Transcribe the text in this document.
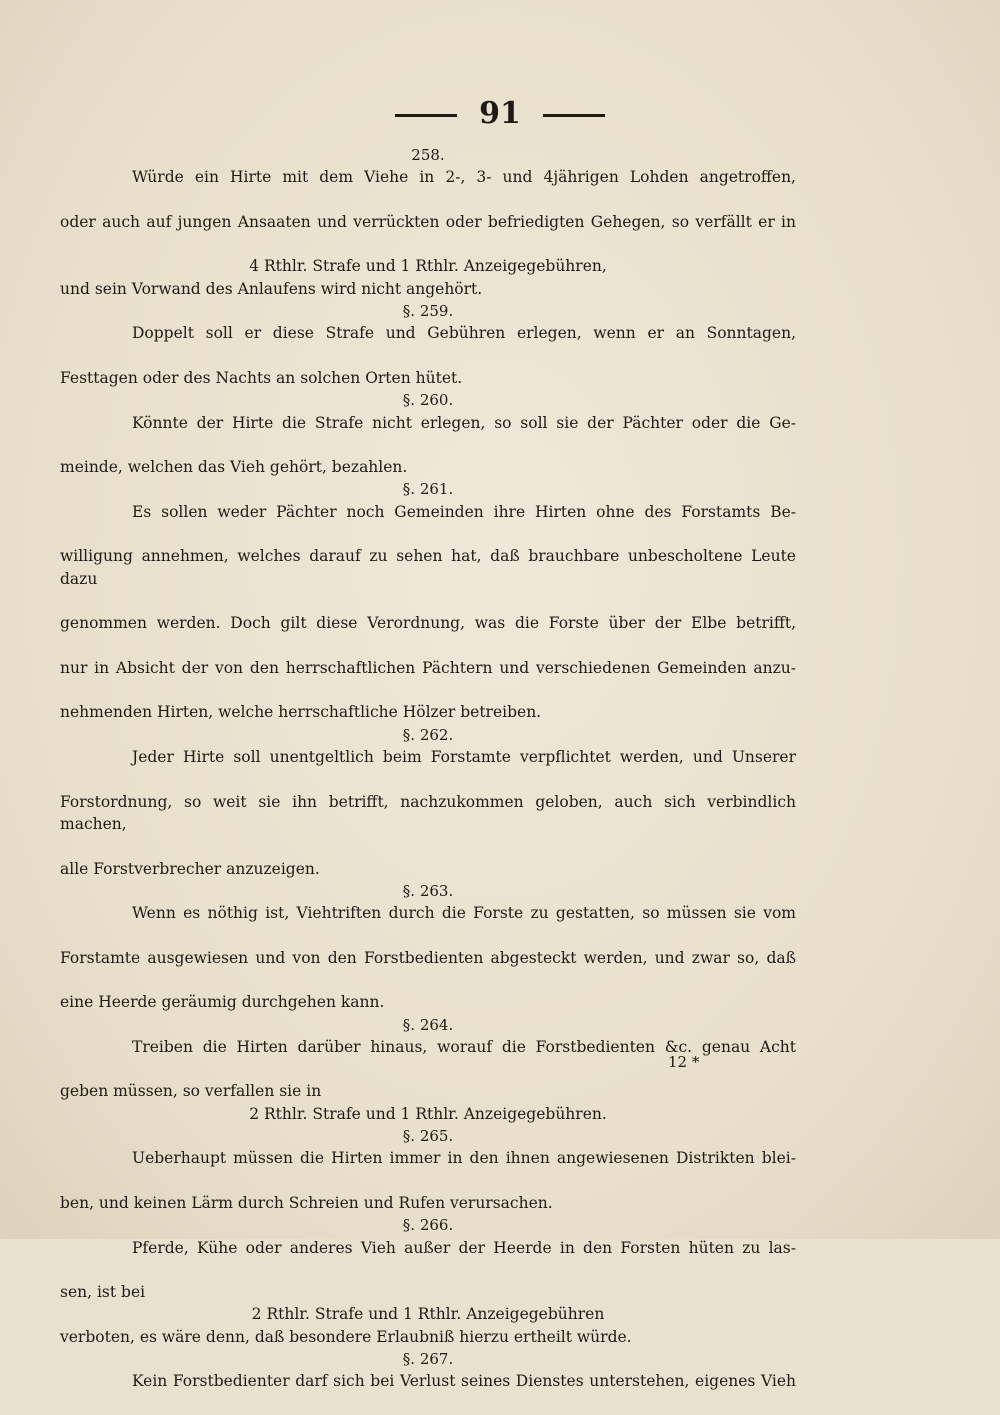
91
258.
Würde ein Hirte mit dem Viehe in 2-, 3- und 4jährigen Lohden angetroffen,
oder auch auf jungen Ansaaten und verrückten oder befriedigten Gehegen, so verfällt er in
4 Rthlr. Strafe und 1 Rthlr. Anzeigegebühren,
und sein Vorwand des Anlaufens wird nicht angehört.
§. 259.
Doppelt soll er diese Strafe und Gebühren erlegen, wenn er an Sonntagen,
Festtagen oder des Nachts an solchen Orten hütet.
§. 260.
Könnte der Hirte die Strafe nicht erlegen, so soll sie der Pächter oder die Ge-
meinde, welchen das Vieh gehört, bezahlen.
§. 261.
Es sollen weder Pächter noch Gemeinden ihre Hirten ohne des Forstamts Be-
willigung annehmen, welches darauf zu sehen hat, daß brauchbare unbescholtene Leute dazu
genommen werden. Doch gilt diese Verordnung, was die Forste über der Elbe betrifft,
nur in Absicht der von den herrschaftlichen Pächtern und verschiedenen Gemeinden anzu-
nehmenden Hirten, welche herrschaftliche Hölzer betreiben.
§. 262.
Jeder Hirte soll unentgeltlich beim Forstamte verpflichtet werden, und Unserer
Forstordnung, so weit sie ihn betrifft, nachzukommen geloben, auch sich verbindlich machen,
alle Forstverbrecher anzuzeigen.
§. 263.
Wenn es nöthig ist, Viehtriften durch die Forste zu gestatten, so müssen sie vom
Forstamte ausgewiesen und von den Forstbedienten abgesteckt werden, und zwar so, daß
eine Heerde geräumig durchgehen kann.
§. 264.
Treiben die Hirten darüber hinaus, worauf die Forstbedienten &c. genau Acht
geben müssen, so verfallen sie in
2 Rthlr. Strafe und 1 Rthlr. Anzeigegebühren.
§. 265.
Ueberhaupt müssen die Hirten immer in den ihnen angewiesenen Distrikten blei-
ben, und keinen Lärm durch Schreien und Rufen verursachen.
§. 266.
Pferde, Kühe oder anderes Vieh außer der Heerde in den Forsten hüten zu las-
sen, ist bei
2 Rthlr. Strafe und 1 Rthlr. Anzeigegebühren
verboten, es wäre denn, daß besondere Erlaubniß hierzu ertheilt würde.
§. 267.
Kein Forstbedienter darf sich bei Verlust seines Dienstes unterstehen, eigenes Vieh
12 *
